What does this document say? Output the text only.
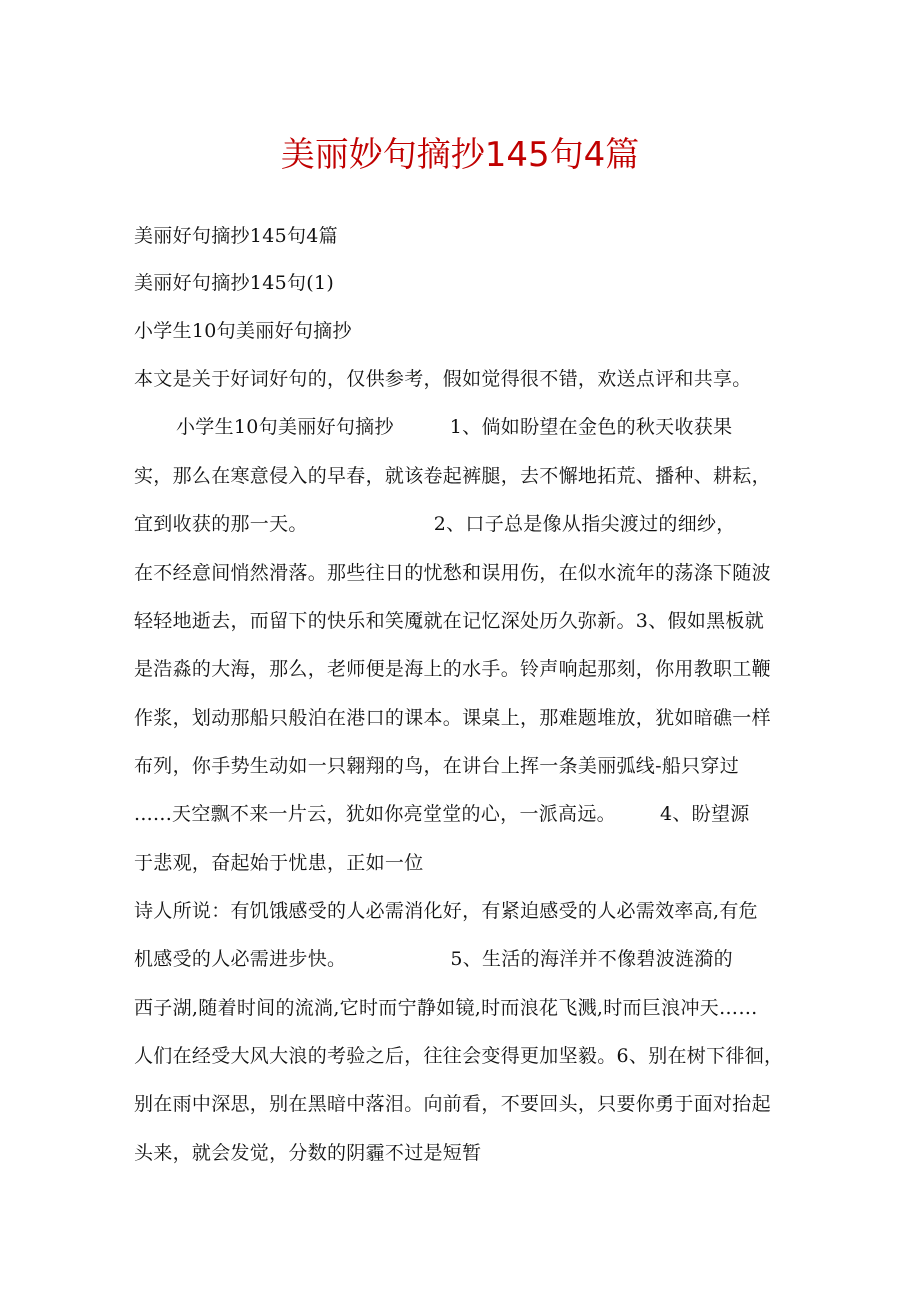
美丽妙句摘抄145句4篇
美丽好句摘抄145句4篇
美丽好句摘抄145句(1)
小学生10句美丽好句摘抄
本文是关于好词好句的，仅供参考，假如觉得很不错，欢送点评和共享。
小学生10句美丽好句摘抄	1、倘如盼望在金色的秋天收获果
实，那么在寒意侵入的早春，就该卷起裤腿，去不懈地拓荒、播种、耕耘，
宜到收获的那一天。	2、口子总是像从指尖渡过的细纱，
在不经意间悄然滑落。那些往日的忧愁和误用伤，在似水流年的荡涤下随波
轻轻地逝去，而留下的快乐和笑魇就在记忆深处历久弥新。3、假如黑板就
是浩淼的大海，那么，老师便是海上的水手。铃声响起那刻，你用教职工鞭
作浆，划动那船只般泊在港口的课本。课桌上，那难题堆放，犹如暗礁一样
布列，你手势生动如一只翱翔的鸟，在讲台上挥一条美丽弧线-船只穿过
......天空飘不来一片云，犹如你亮堂堂的心，一派高远。 4、盼望源
于悲观，奋起始于忧患，正如一位
诗人所说：有饥饿感受的人必需消化好，有紧迫感受的人必需效率高,有危
机感受的人必需进步快。	5、生活的海洋并不像碧波涟漪的
西子湖,随着时间的流淌,它时而宁静如镜,时而浪花飞溅,时而巨浪冲天……
人们在经受大风大浪的考验之后，往往会变得更加坚毅。6、别在树下徘徊，
别在雨中深思，别在黑暗中落泪。向前看，不要回头，只要你勇于面对抬起
头来，就会发觉，分数的阴霾不过是短暂
